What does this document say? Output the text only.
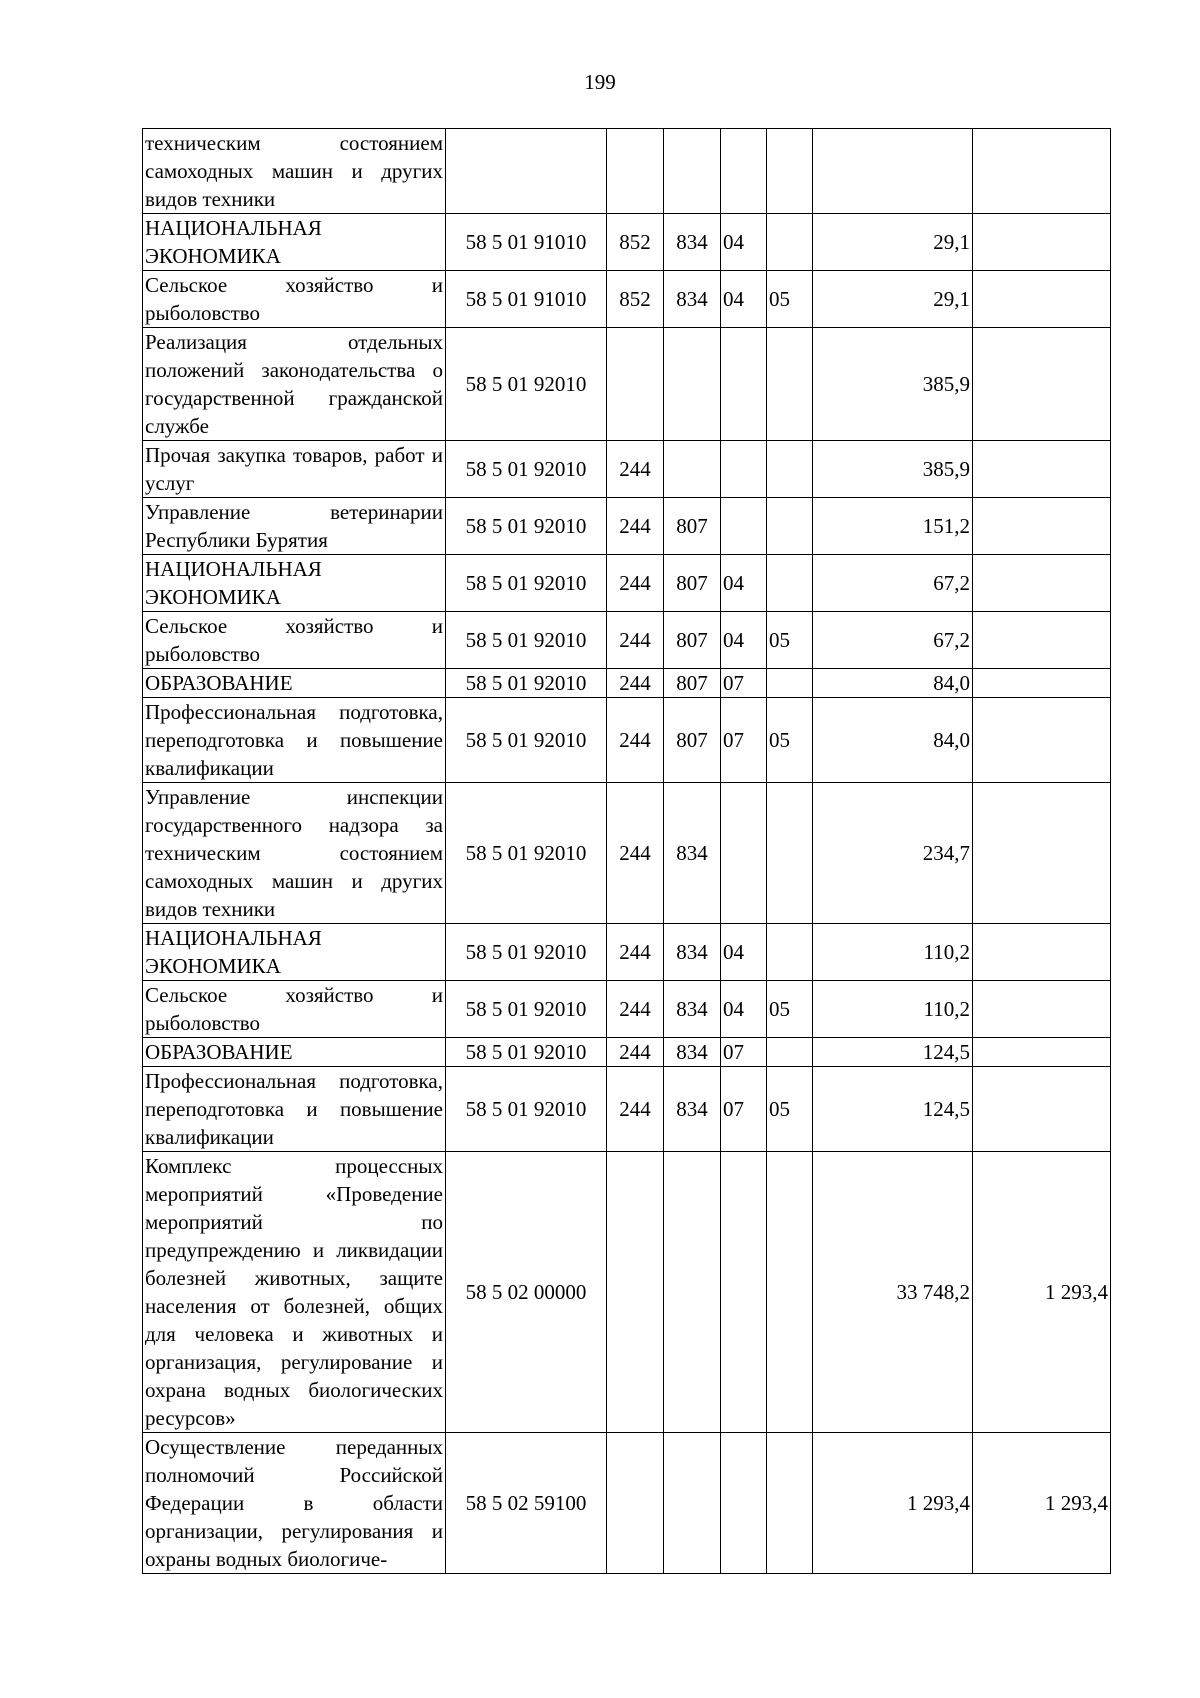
199
техническим состоянием самоходных машин и других видов техники							
НАЦИОНАЛЬНАЯ ЭКОНОМИКА	58 5 01 91010	852	834	04		29,1	
Сельское хозяйство и рыболовство	58 5 01 91010	852	834	04	05	29,1	
Реализация отдельных положений законодательства о государственной гражданской службе	58 5 01 92010					385,9	
Прочая закупка товаров, работ и услуг	58 5 01 92010	244				385,9	
Управление ветеринарии Республики Бурятия	58 5 01 92010	244	807			151,2	
НАЦИОНАЛЬНАЯ ЭКОНОМИКА	58 5 01 92010	244	807	04		67,2	
Сельское хозяйство и рыболовство	58 5 01 92010	244	807	04	05	67,2	
ОБРАЗОВАНИЕ	58 5 01 92010	244	807	07		84,0	
Профессиональная подготовка, переподготовка и повышение квалификации	58 5 01 92010	244	807	07	05	84,0	
Управление инспекции государственного надзора за техническим состоянием самоходных машин и других видов техники	58 5 01 92010	244	834			234,7	
НАЦИОНАЛЬНАЯ ЭКОНОМИКА	58 5 01 92010	244	834	04		110,2	
Сельское хозяйство и рыболовство	58 5 01 92010	244	834	04	05	110,2	
ОБРАЗОВАНИЕ	58 5 01 92010	244	834	07		124,5	
Профессиональная подготовка, переподготовка и повышение квалификации	58 5 01 92010	244	834	07	05	124,5	
Комплекс процессных мероприятий «Проведение мероприятий по предупреждению и ликвидации болезней животных, защите населения от болезней, общих для человека и животных и организация, регулирование и охрана водных биологических ресурсов»	58 5 02 00000					33 748,2	1 293,4
Осуществление переданных полномочий Российской Федерации в области организации, регулирования и охраны водных биологиче-	58 5 02 59100					1 293,4	1 293,4
